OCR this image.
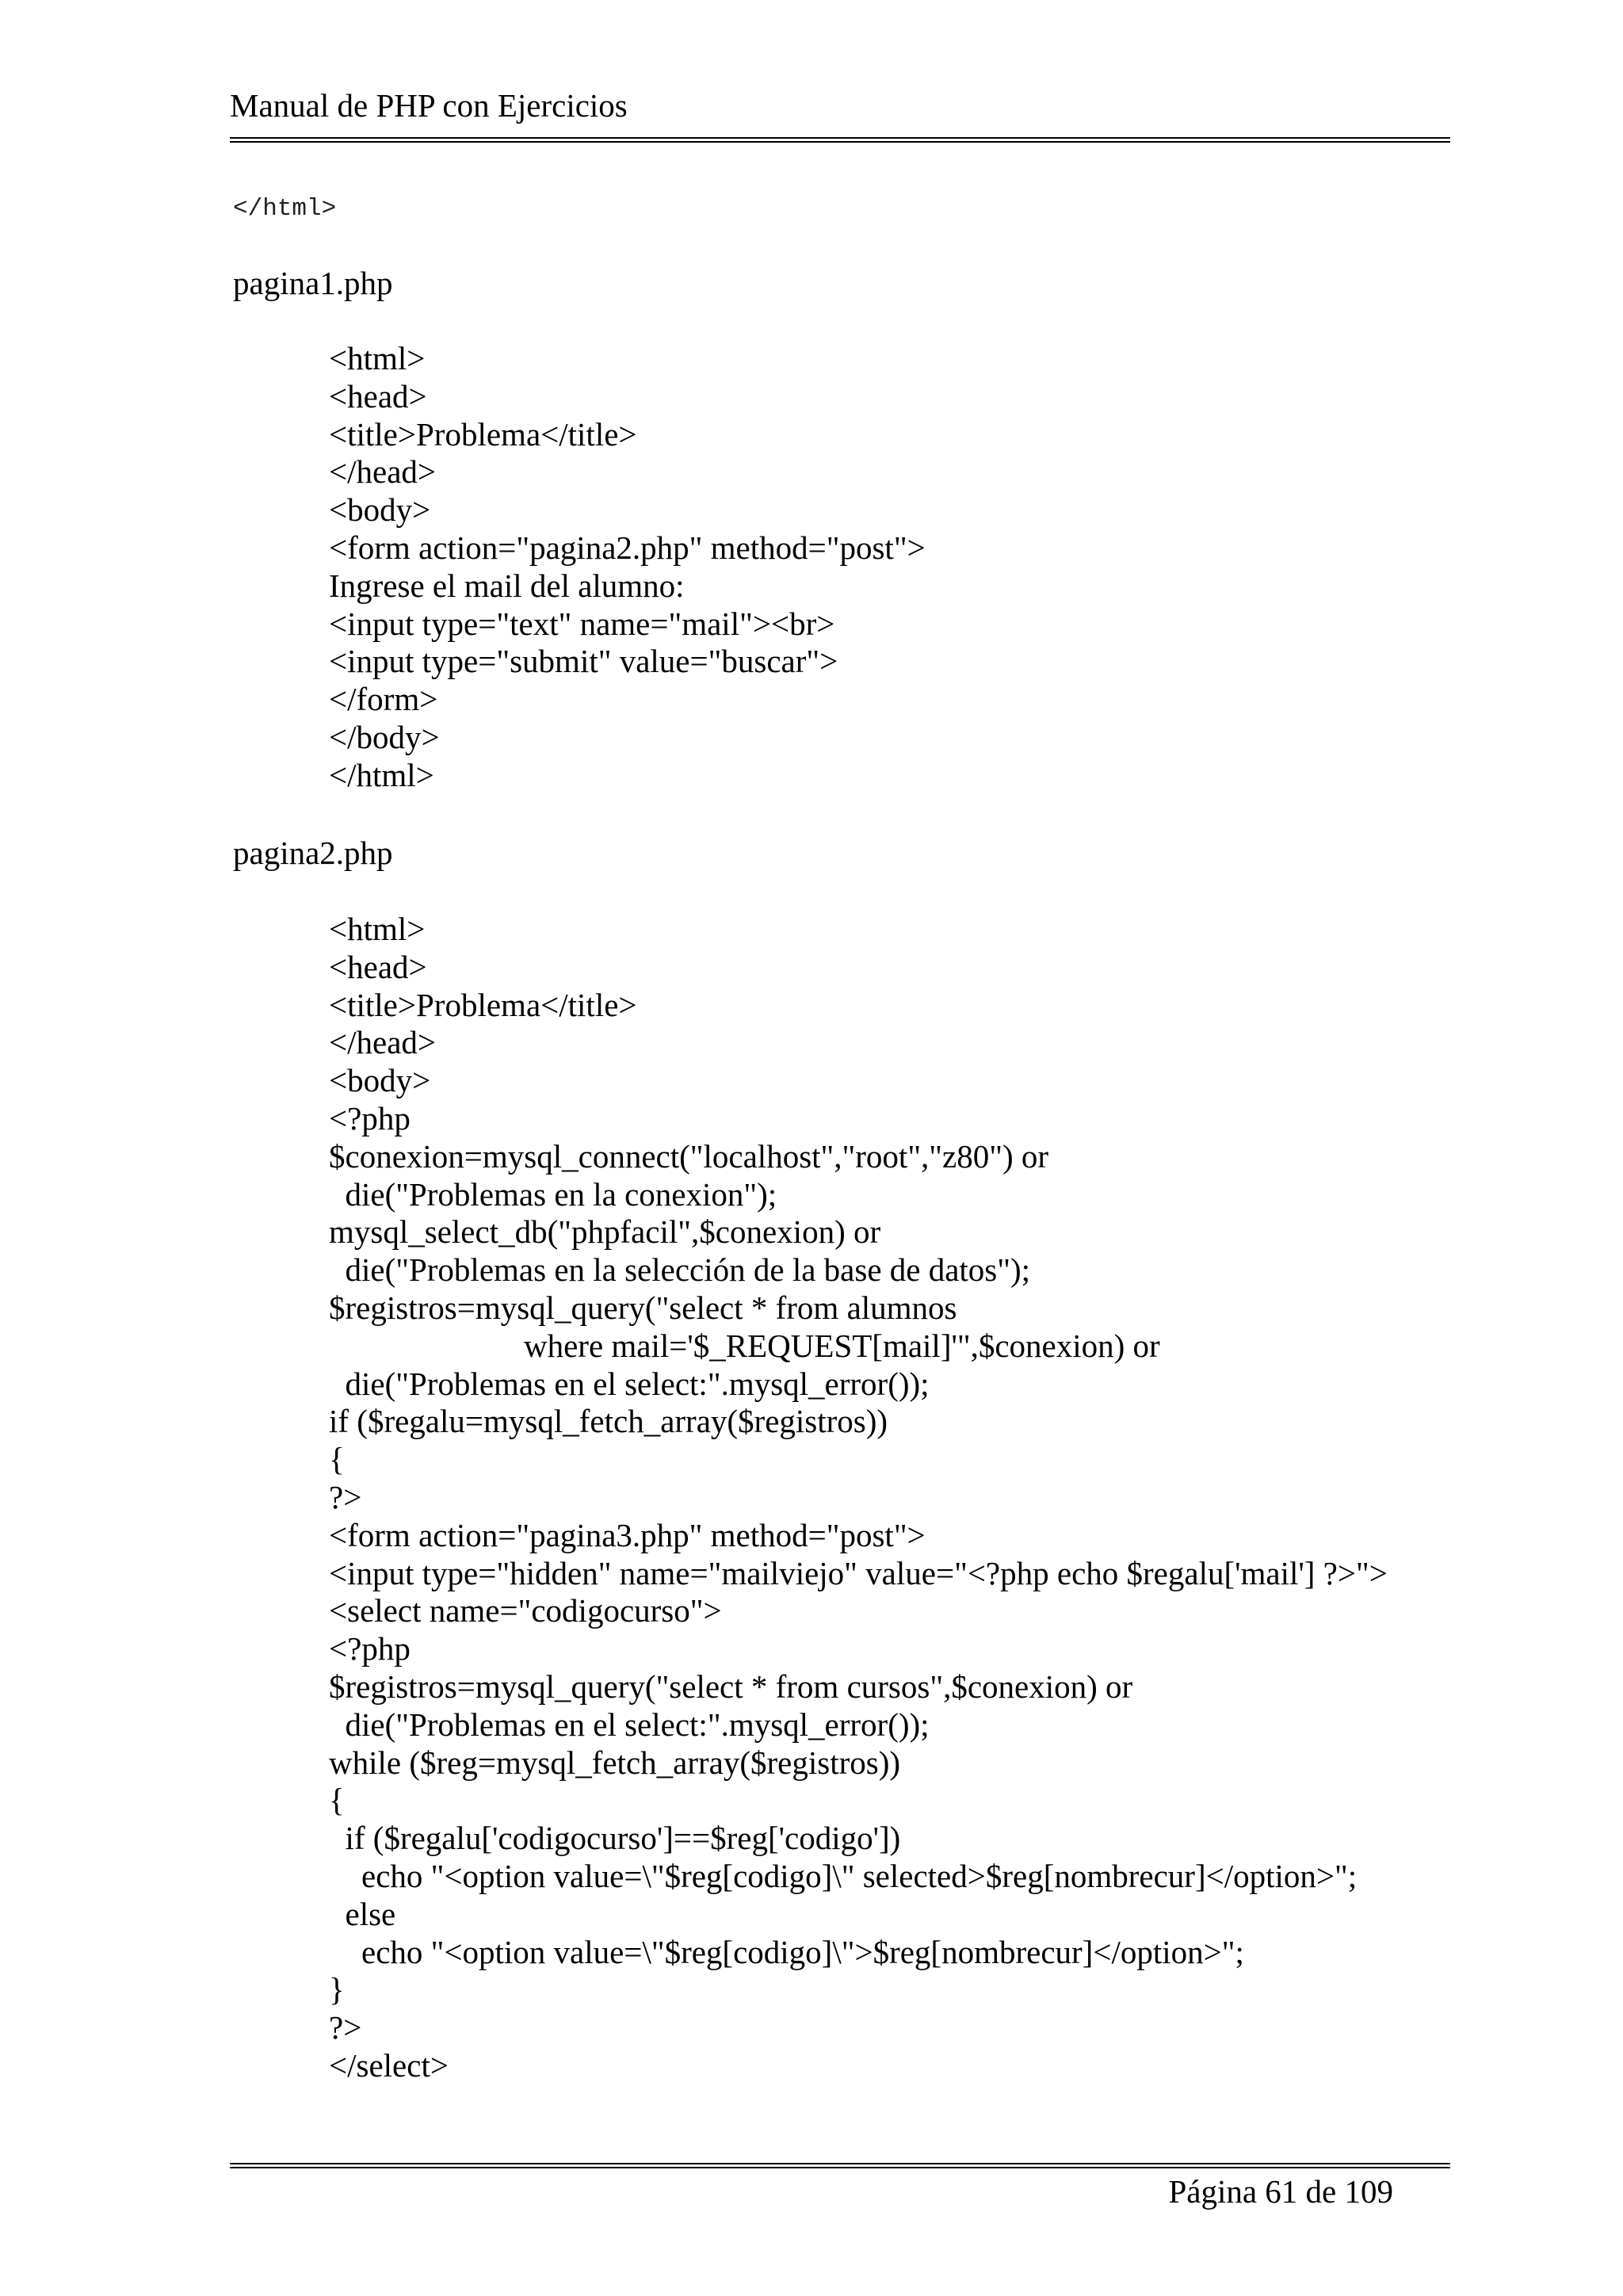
Manual de PHP con Ejercicios
</html>
pagina1.php
<html>
<head>
<title>Problema</title>
</head>
<body>
<form action="pagina2.php" method="post">
Ingrese el mail del alumno:
<input type="text" name="mail"><br>
<input type="submit" value="buscar">
</form>
</body>
</html>
pagina2.php
<html>
<head>
<title>Problema</title>
</head>
<body>
<?php
$conexion=mysql_connect("localhost","root","z80") or
die("Problemas en la conexion");
mysql_select_db("phpfacil",$conexion) or
die("Problemas en la selección de la base de datos");
$registros=mysql_query("select * from alumnos
where mail='$_REQUEST[mail]'",$conexion) or
die("Problemas en el select:".mysql_error());
if ($regalu=mysql_fetch_array($registros))
{
?>
<form action="pagina3.php" method="post">
<input type="hidden" name="mailviejo" value="<?php echo $regalu['mail'] ?>">
<select name="codigocurso">
<?php
$registros=mysql_query("select * from cursos",$conexion) or
die("Problemas en el select:".mysql_error());
while ($reg=mysql_fetch_array($registros))
{
if ($regalu['codigocurso']==$reg['codigo'])
echo "<option value=\"$reg[codigo]\" selected>$reg[nombrecur]</option>";
else
echo "<option value=\"$reg[codigo]\">$reg[nombrecur]</option>";
}
?>
</select>
Página 61 de 109
